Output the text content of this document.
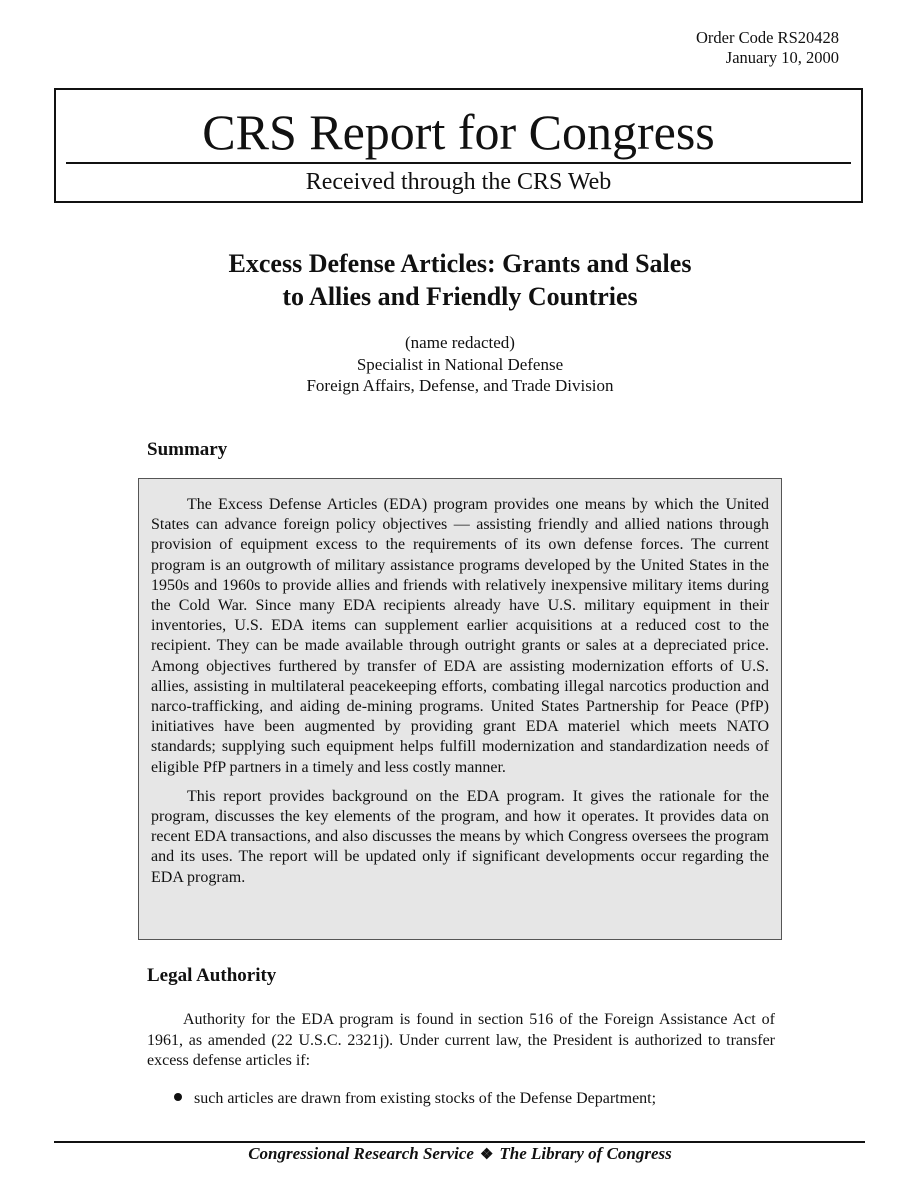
Order Code RS20428
January 10, 2000
CRS Report for Congress
Received through the CRS Web
Excess Defense Articles: Grants and Sales
to Allies and Friendly Countries
(name redacted)
Specialist in National Defense
Foreign Affairs, Defense, and Trade Division
Summary

The Excess Defense Articles (EDA) program provides one means by which the United States can advance foreign policy objectives — assisting friendly and allied nations through provision of equipment excess to the requirements of its own defense forces. The current program is an outgrowth of military assistance programs developed by the United States in the 1950s and 1960s to provide allies and friends with relatively inexpensive military items during the Cold War. Since many EDA recipients already have U.S. military equipment in their inventories, U.S. EDA items can supplement earlier acquisitions at a reduced cost to the recipient. They can be made available through outright grants or sales at a depreciated price. Among objectives furthered by transfer of EDA are assisting modernization efforts of U.S. allies, assisting in multilateral peacekeeping efforts, combating illegal narcotics production and narco-trafficking, and aiding de-mining programs. United States Partnership for Peace (PfP) initiatives have been augmented by providing grant EDA materiel which meets NATO standards; supplying such equipment helps fulfill modernization and standardization needs of eligible PfP partners in a timely and less costly manner.

This report provides background on the EDA program. It gives the rationale for the program, discusses the key elements of the program, and how it operates. It provides data on recent EDA transactions, and also discusses the means by which Congress oversees the program and its uses. The report will be updated only if significant developments occur regarding the EDA program.

Legal Authority

Authority for the EDA program is found in section 516 of the Foreign Assistance Act of 1961, as amended (22 U.S.C. 2321j). Under current law, the President is authorized to transfer excess defense articles if:

such articles are drawn from existing stocks of the Defense Department;
Congressional Research Service ❖ The Library of Congress
